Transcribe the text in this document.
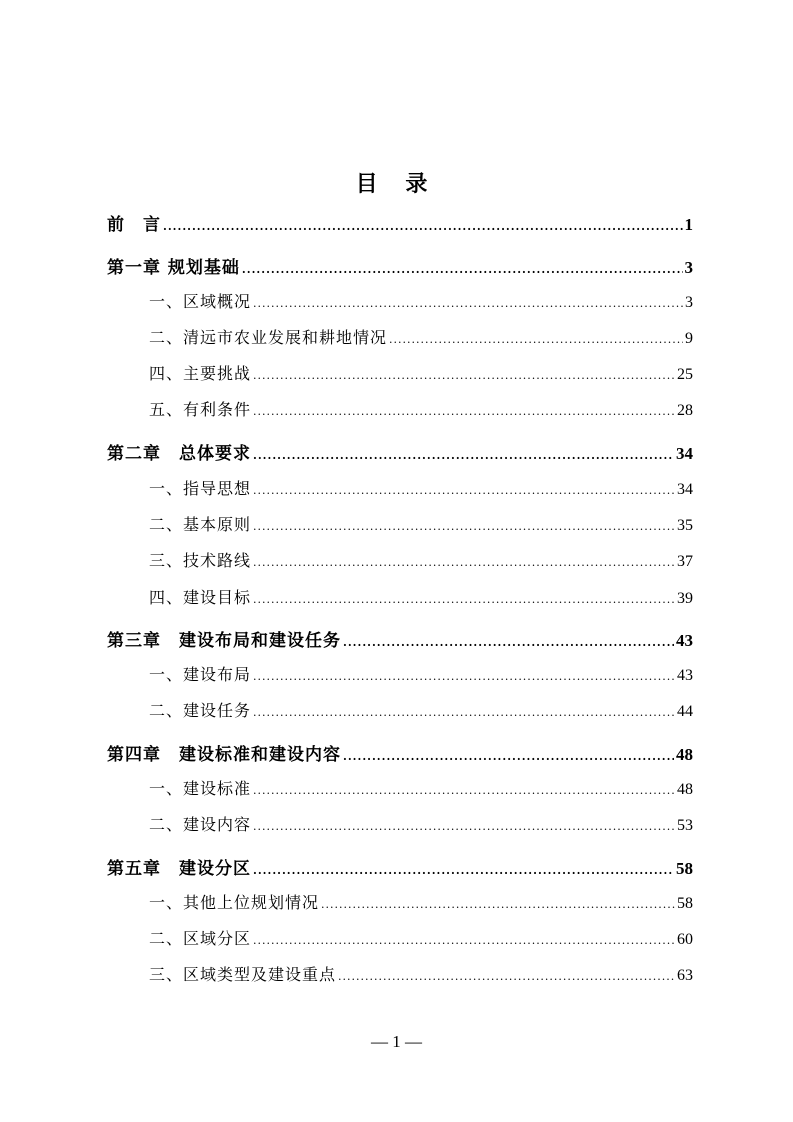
目 录
前　言 .....	1
第一章 规划基础 .....	3
一、区域概况 .....	3
二、清远市农业发展和耕地情况 .....	9
四、主要挑战 .....	25
五、有利条件 .....	28
第二章　总体要求 .....	34
一、指导思想 .....	34
二、基本原则 .....	35
三、技术路线 .....	37
四、建设目标 .....	39
第三章　建设布局和建设任务 .....	43
一、建设布局 .....	43
二、建设任务 .....	44
第四章　建设标准和建设内容 .....	48
一、建设标准 .....	48
二、建设内容 .....	53
第五章　建设分区 .....	58
一、其他上位规划情况 .....	58
二、区域分区 .....	60
三、区域类型及建设重点 .....	63
— 1 —
